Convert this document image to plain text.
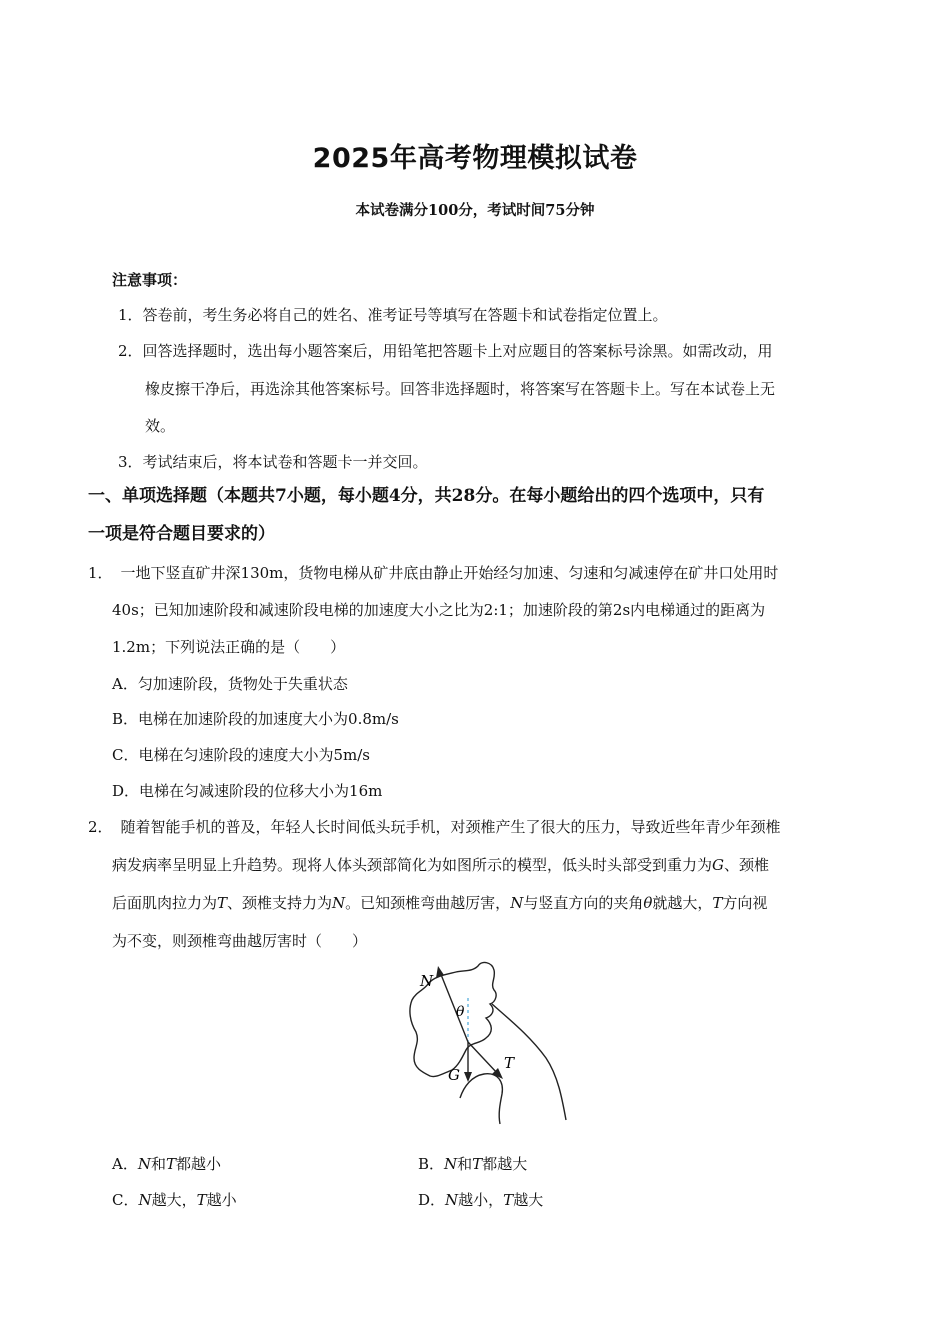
2025年高考物理模拟试卷
本试卷满分100分，考试时间75分钟
注意事项：
1．答卷前，考生务必将自己的姓名、准考证号等填写在答题卡和试卷指定位置上。
2．回答选择题时，选出每小题答案后，用铅笔把答题卡上对应题目的答案标号涂黑。如需改动，用
橡皮擦干净后，再选涂其他答案标号。回答非选择题时，将答案写在答题卡上。写在本试卷上无
效。
3．考试结束后，将本试卷和答题卡一并交回。
一、单项选择题（本题共7小题，每小题4分，共28分。在每小题给出的四个选项中，只有
一项是符合题目要求的）
1． 一地下竖直矿井深130m，货物电梯从矿井底由静止开始经匀加速、匀速和匀减速停在矿井口处用时
40s；已知加速阶段和减速阶段电梯的加速度大小之比为2:1；加速阶段的第2s内电梯通过的距离为
1.2m；下列说法正确的是（　　）
A．匀加速阶段，货物处于失重状态
B．电梯在加速阶段的加速度大小为0.8m/s
C．电梯在匀速阶段的速度大小为5m/s
D．电梯在匀减速阶段的位移大小为16m
2． 随着智能手机的普及，年轻人长时间低头玩手机，对颈椎产生了很大的压力，导致近些年青少年颈椎
病发病率呈明显上升趋势。现将人体头颈部简化为如图所示的模型，低头时头部受到重力为G、颈椎
后面肌肉拉力为T、颈椎支持力为N。已知颈椎弯曲越厉害，N与竖直方向的夹角θ就越大，T方向视
为不变，则颈椎弯曲越厉害时（　　）
N
θ
G
T
A．N和T都越小	B．N和T都越大
C．N越大，T越小	D．N越小，T越大
